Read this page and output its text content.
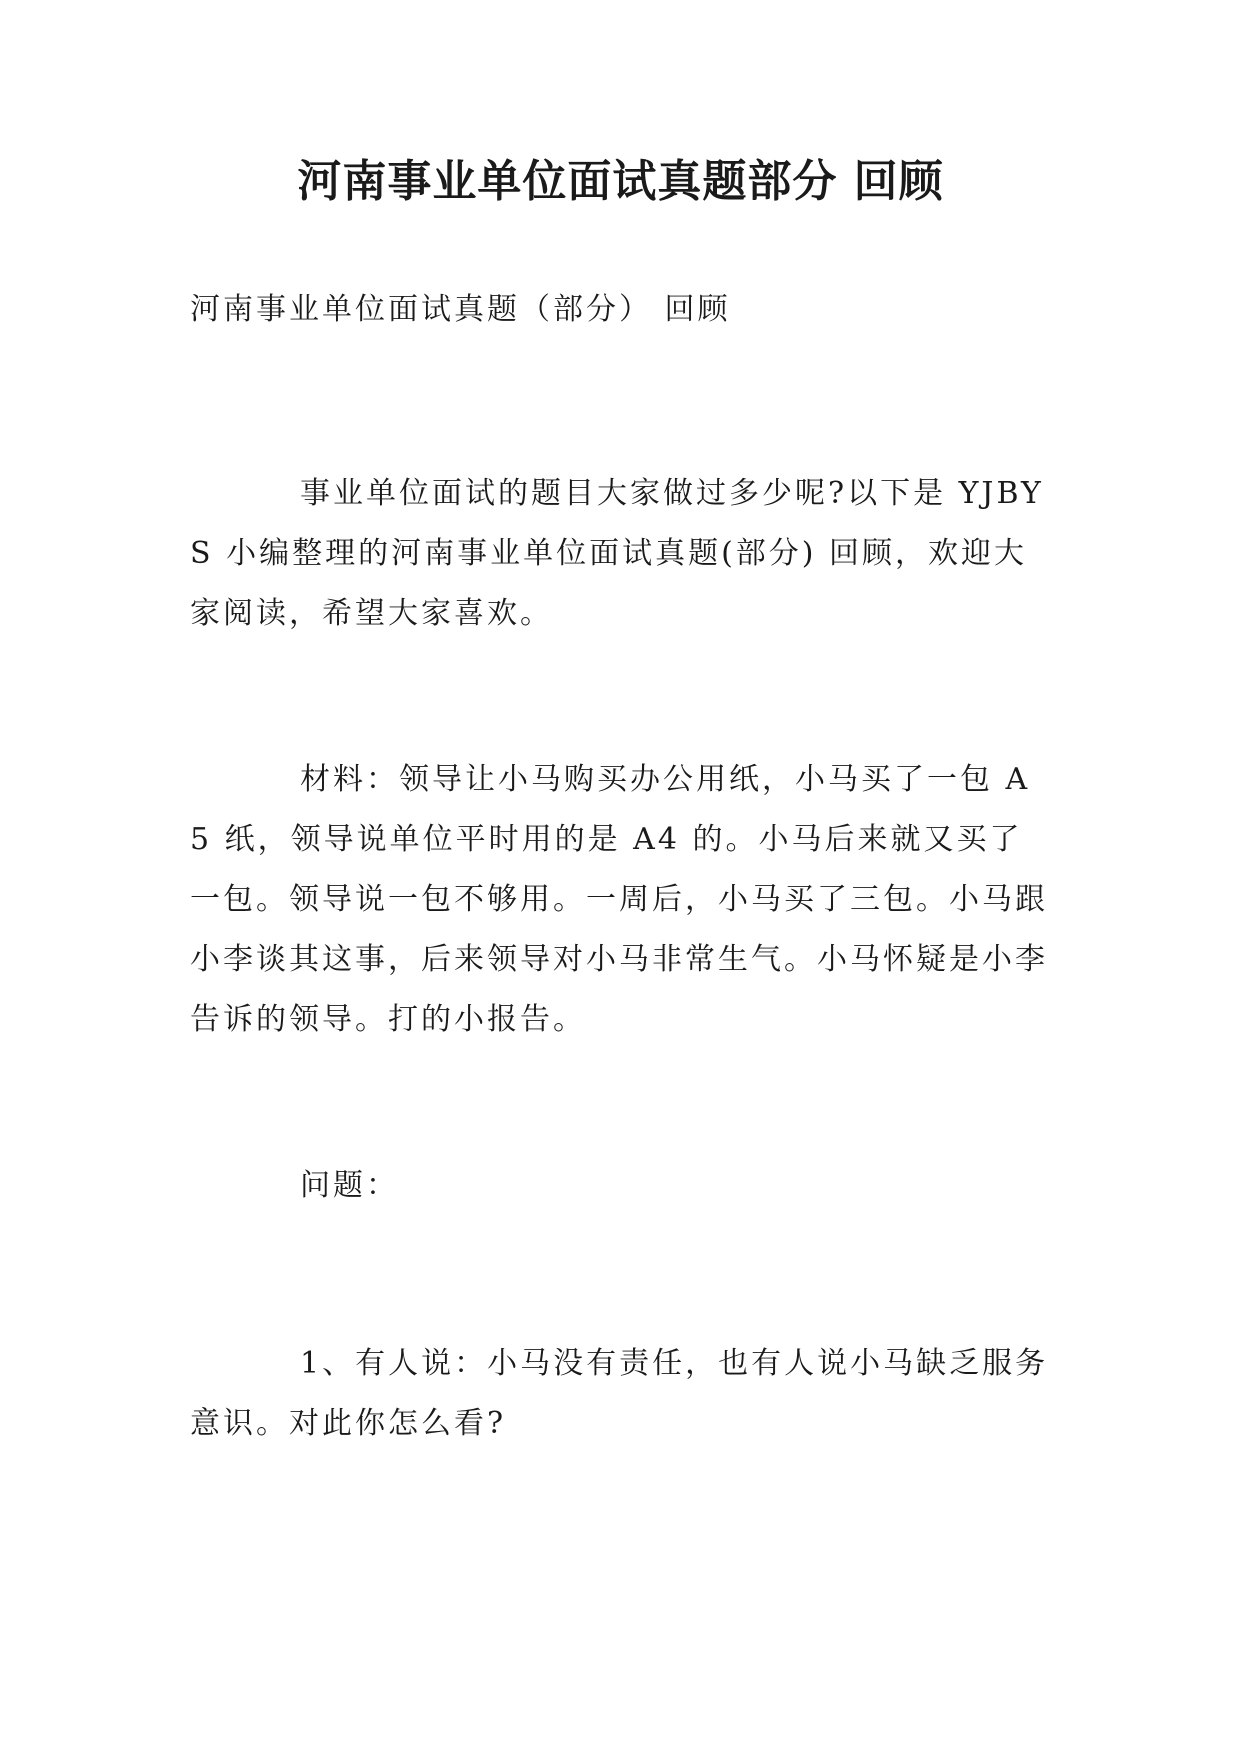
河南事业单位面试真题部分 回顾

河南事业单位面试真题（部分） 回顾

事业单位面试的题目大家做过多少呢?以下是 YJBYS 小编整理的河南事业单位面试真题(部分) 回顾，欢迎大家阅读，希望大家喜欢。

材料：领导让小马购买办公用纸，小马买了一包 A5 纸，领导说单位平时用的是 A4 的。小马后来就又买了一包。领导说一包不够用。一周后，小马买了三包。小马跟小李谈其这事，后来领导对小马非常生气。小马怀疑是小李告诉的领导。打的小报告。

问题：

1、有人说：小马没有责任，也有人说小马缺乏服务意识。对此你怎么看?
